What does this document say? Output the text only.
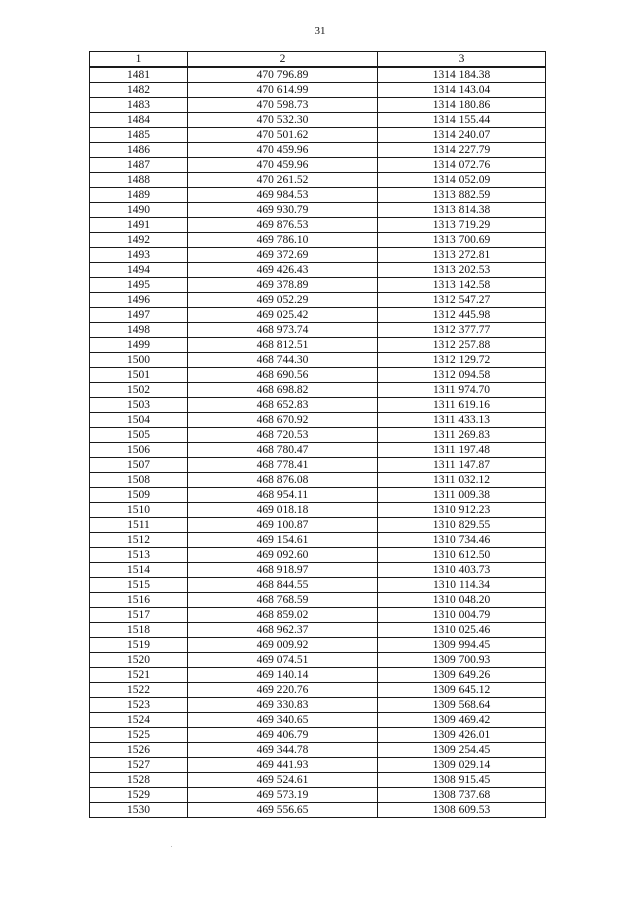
31
1	2	3
1481	470 796.89	1314 184.38
1482	470 614.99	1314 143.04
1483	470 598.73	1314 180.86
1484	470 532.30	1314 155.44
1485	470 501.62	1314 240.07
1486	470 459.96	1314 227.79
1487	470 459.96	1314 072.76
1488	470 261.52	1314 052.09
1489	469 984.53	1313 882.59
1490	469 930.79	1313 814.38
1491	469 876.53	1313 719.29
1492	469 786.10	1313 700.69
1493	469 372.69	1313 272.81
1494	469 426.43	1313 202.53
1495	469 378.89	1313 142.58
1496	469 052.29	1312 547.27
1497	469 025.42	1312 445.98
1498	468 973.74	1312 377.77
1499	468 812.51	1312 257.88
1500	468 744.30	1312 129.72
1501	468 690.56	1312 094.58
1502	468 698.82	1311 974.70
1503	468 652.83	1311 619.16
1504	468 670.92	1311 433.13
1505	468 720.53	1311 269.83
1506	468 780.47	1311 197.48
1507	468 778.41	1311 147.87
1508	468 876.08	1311 032.12
1509	468 954.11	1311 009.38
1510	469 018.18	1310 912.23
1511	469 100.87	1310 829.55
1512	469 154.61	1310 734.46
1513	469 092.60	1310 612.50
1514	468 918.97	1310 403.73
1515	468 844.55	1310 114.34
1516	468 768.59	1310 048.20
1517	468 859.02	1310 004.79
1518	468 962.37	1310 025.46
1519	469 009.92	1309 994.45
1520	469 074.51	1309 700.93
1521	469 140.14	1309 649.26
1522	469 220.76	1309 645.12
1523	469 330.83	1309 568.64
1524	469 340.65	1309 469.42
1525	469 406.79	1309 426.01
1526	469 344.78	1309 254.45
1527	469 441.93	1309 029.14
1528	469 524.61	1308 915.45
1529	469 573.19	1308 737.68
1530	469 556.65	1308 609.53
